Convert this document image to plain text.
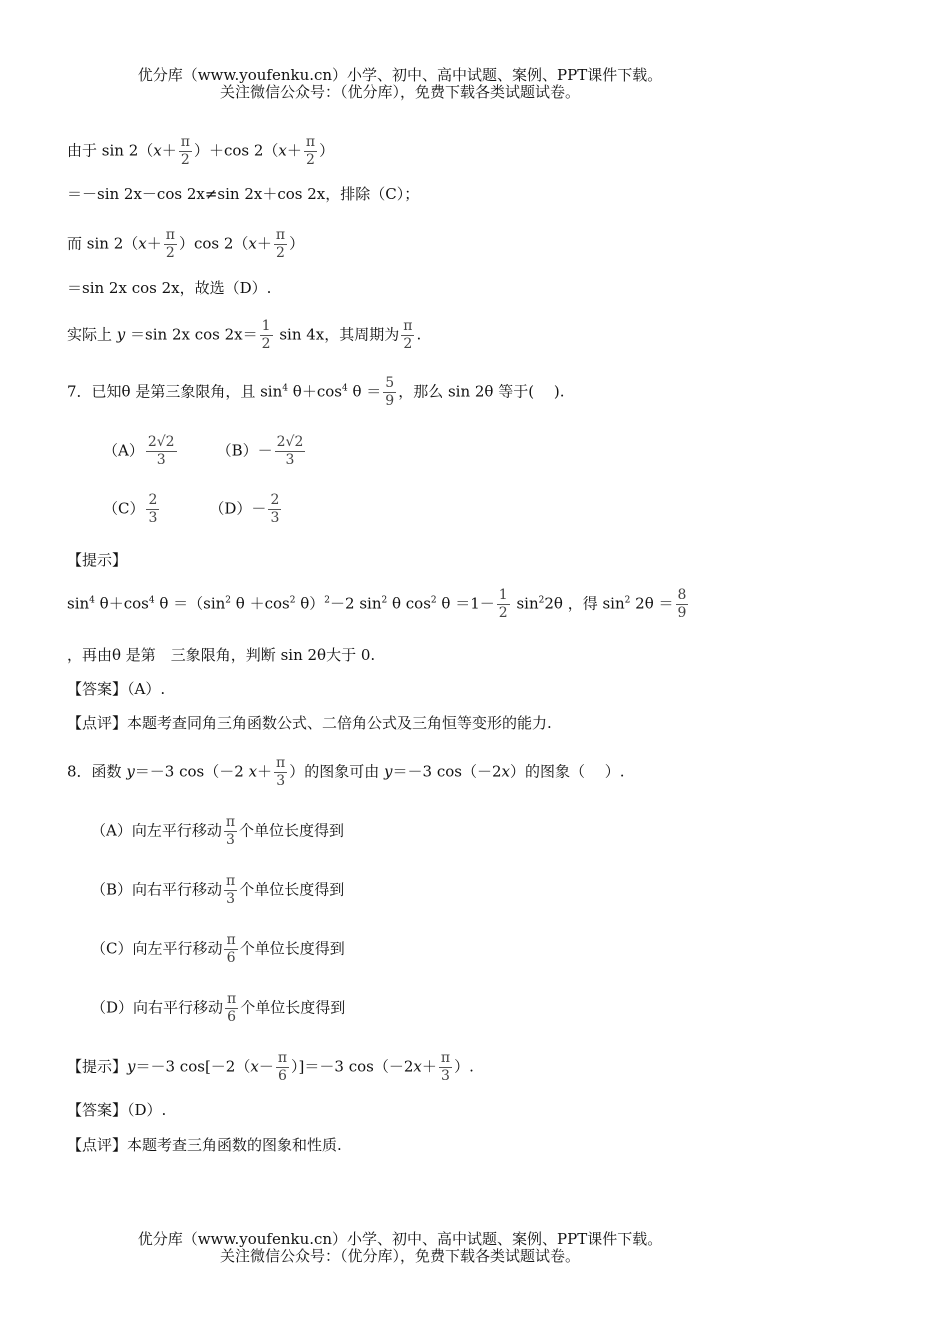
优分库（www.youfenku.cn）小学、初中、高中试题、案例、PPT课件下载。
关注微信公众号：（优分库），免费下载各类试题试卷。
由于 $\sin 2(x+ \frac{\pi}{2} )+\cos$ $2(x+ \frac{\pi}{2}$ ）
＝－sin 2x－cos 2x≠sin 2x＋cos 2x，排除（C）；
而 $\sin 2(x+ \frac{\pi}{2} )\cos$ $2(x+ \frac{\pi}{2}$ ）
＝sin 2x cos 2x，故选（D）.
实际上 y ＝sin 2x $\cos 2x= \frac{1}{2}$ sin 4x，其周期为 $\frac{\pi}{2}$ .
7．已知θ 是第三象限角，且 $\sin^4 \theta+\cos^4$ $\theta = \frac{5}{9}$ ，那么 sin 2θ 等于(　 ).
$(A) \frac{2√2}{3}$	$(B)- \frac{2√2}{3}$
$(C) \frac{2}{3}$	$(D)- \frac{2}{3}$
【提示】
$\sin^4 \theta+\cos^4$ $\theta =(\sin^2$ $\theta +\cos^2$ θ）$^2$－2 $\sin^2 \theta$ $\cos^2 \theta =1- \frac{1}{2} \sin^22\theta$ ，得 $\sin^2 2\theta = \frac{8}{9}$
，再由θ 是第　三象限角，判断 sin 2θ大于 0.
【答案】（A）.
【点评】本题考查同角三角函数公式、二倍角公式及三角恒等变形的能力.
8．函数 y＝－3 cos（－2 $x+ \frac{\pi}{3}$ ）的图象可由 y＝－3 cos（－2x）的图象（　 ）.
（A）向左平行移动 $\frac{\pi}{3}$ 个单位长度得到
（B）向右平行移动 $\frac{\pi}{3}$ 个单位长度得到
（C）向左平行移动 $\frac{\pi}{6}$ 个单位长度得到
（D）向右平行移动 $\frac{\pi}{6}$ 个单位长度得到
【提示】y＝－3 $\cos[-2(x- \frac{\pi}{6} )]=-3$ $\cos(-2x+ \frac{\pi}{3}$ ）.
【答案】（D）.
【点评】本题考查三角函数的图象和性质.
优分库（www.youfenku.cn）小学、初中、高中试题、案例、PPT课件下载。
关注微信公众号：（优分库），免费下载各类试题试卷。
